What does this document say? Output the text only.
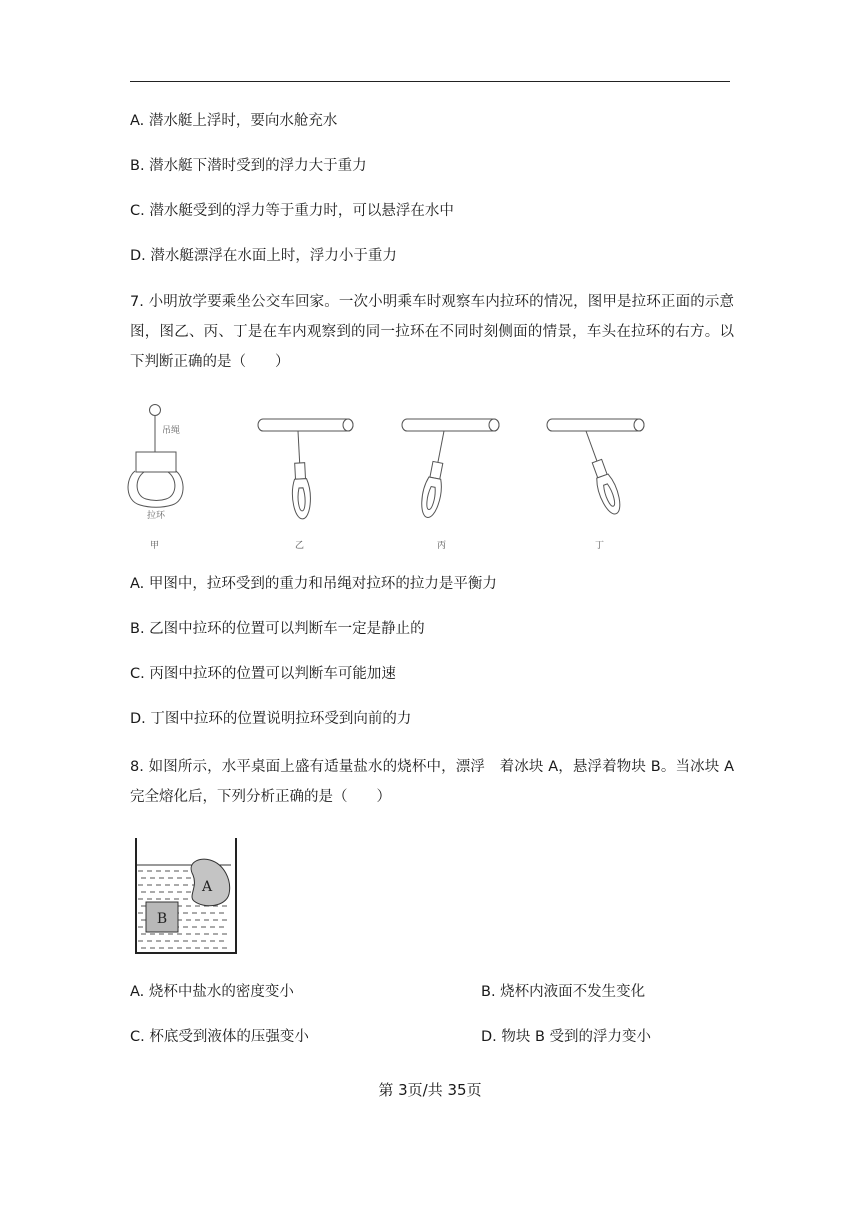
A. 潜水艇上浮时，要向水舱充水
B. 潜水艇下潜时受到的浮力大于重力
C. 潜水艇受到的浮力等于重力时，可以悬浮在水中
D. 潜水艇漂浮在水面上时，浮力小于重力
7. 小明放学要乘坐公交车回家。一次小明乘车时观察车内拉环的情况，图甲是拉环正面的示意图，图乙、丙、丁是在车内观察到的同一拉环在不同时刻侧面的情景，车头在拉环的右方。以下判断正确的是（　　）
吊绳
拉环
甲	乙	丙	丁
A. 甲图中，拉环受到的重力和吊绳对拉环的拉力是平衡力
B. 乙图中拉环的位置可以判断车一定是静止的
C. 丙图中拉环的位置可以判断车可能加速
D. 丁图中拉环的位置说明拉环受到向前的力
8. 如图所示，水平桌面上盛有适量盐水的烧杯中，漂浮　着冰块 A，悬浮着物块 B。当冰块 A 完全熔化后，下列分析正确的是（　　）
A
B
A. 烧杯中盐水的密度变小	B. 烧杯内液面不发生变化
C. 杯底受到液体的压强变小	D. 物块 B 受到的浮力变小
第 3页/共 35页
